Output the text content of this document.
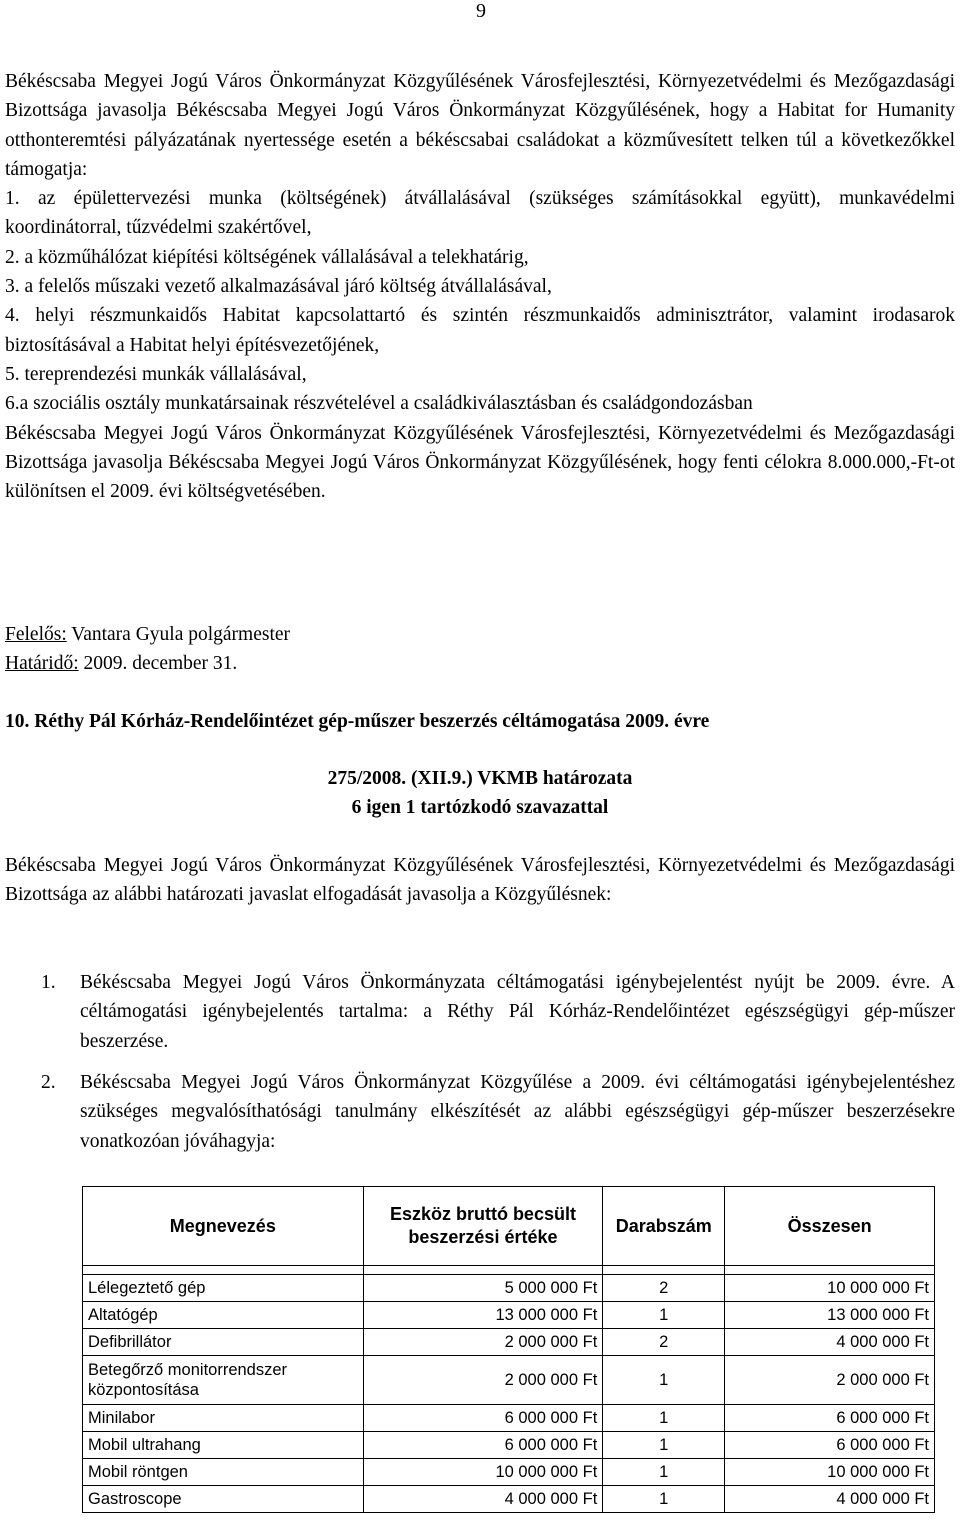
9

Békéscsaba Megyei Jogú Város Önkormányzat Közgyűlésének Városfejlesztési, Környezetvédelmi és Mezőgazdasági Bizottsága javasolja Békéscsaba Megyei Jogú Város Önkormányzat Közgyűlésének, hogy a Habitat for Humanity otthonteremtési pályázatának nyertessége esetén a békéscsabai családokat a közművesített telken túl a következőkkel támogatja:

1. az épülettervezési munka (költségének) átvállalásával (szükséges számításokkal együtt), munkavédelmi koordinátorral, tűzvédelmi szakértővel,

2. a közműhálózat kiépítési költségének vállalásával a telekhatárig,

3. a felelős műszaki vezető alkalmazásával járó költség átvállalásával,

4. helyi részmunkaidős Habitat kapcsolattartó és szintén részmunkaidős adminisztrátor, valamint irodasarok biztosításával a Habitat helyi építésvezetőjének,

5. tereprendezési munkák vállalásával,

6.a szociális osztály munkatársainak részvételével a családkiválasztásban és családgondozásban

Békéscsaba Megyei Jogú Város Önkormányzat Közgyűlésének Városfejlesztési, Környezetvédelmi és Mezőgazdasági Bizottsága javasolja Békéscsaba Megyei Jogú Város Önkormányzat Közgyűlésének, hogy fenti célokra 8.000.000,-Ft-ot különítsen el 2009. évi költségvetésében.

Felelős: Vantara Gyula polgármester

Határidő: 2009. december 31.

10. Réthy Pál Kórház-Rendelőintézet gép-műszer beszerzés céltámogatása 2009. évre

275/2008. (XII.9.) VKMB határozata

6 igen 1 tartózkodó szavazattal

Békéscsaba Megyei Jogú Város Önkormányzat Közgyűlésének Városfejlesztési, Környezetvédelmi és Mezőgazdasági Bizottsága az alábbi határozati javaslat elfogadását javasolja a Közgyűlésnek:

1.	Békéscsaba Megyei Jogú Város Önkormányzata céltámogatási igénybejelentést nyújt be 2009. évre. A céltámogatási igénybejelentés tartalma: a Réthy Pál Kórház-Rendelőintézet egészségügyi gép-műszer beszerzése.
2.	Békéscsaba Megyei Jogú Város Önkormányzat Közgyűlése a 2009. évi céltámogatási igénybejelentéshez szükséges megvalósíthatósági tanulmány elkészítését az alábbi egészségügyi gép-műszer beszerzésekre vonatkozóan jóváhagyja:
Megnevezés	Eszköz bruttó becsült beszerzési értéke	Darabszám	Összesen

Lélegeztető gép	5 000 000 Ft	2	10 000 000 Ft
Altatógép	13 000 000 Ft	1	13 000 000 Ft
Defibrillátor	2 000 000 Ft	2	4 000 000 Ft
Betegőrző monitorrendszer központosítása	2 000 000 Ft	1	2 000 000 Ft
Minilabor	6 000 000 Ft	1	6 000 000 Ft
Mobil ultrahang	6 000 000 Ft	1	6 000 000 Ft
Mobil röntgen	10 000 000 Ft	1	10 000 000 Ft
Gastroscope	4 000 000 Ft	1	4 000 000 Ft
